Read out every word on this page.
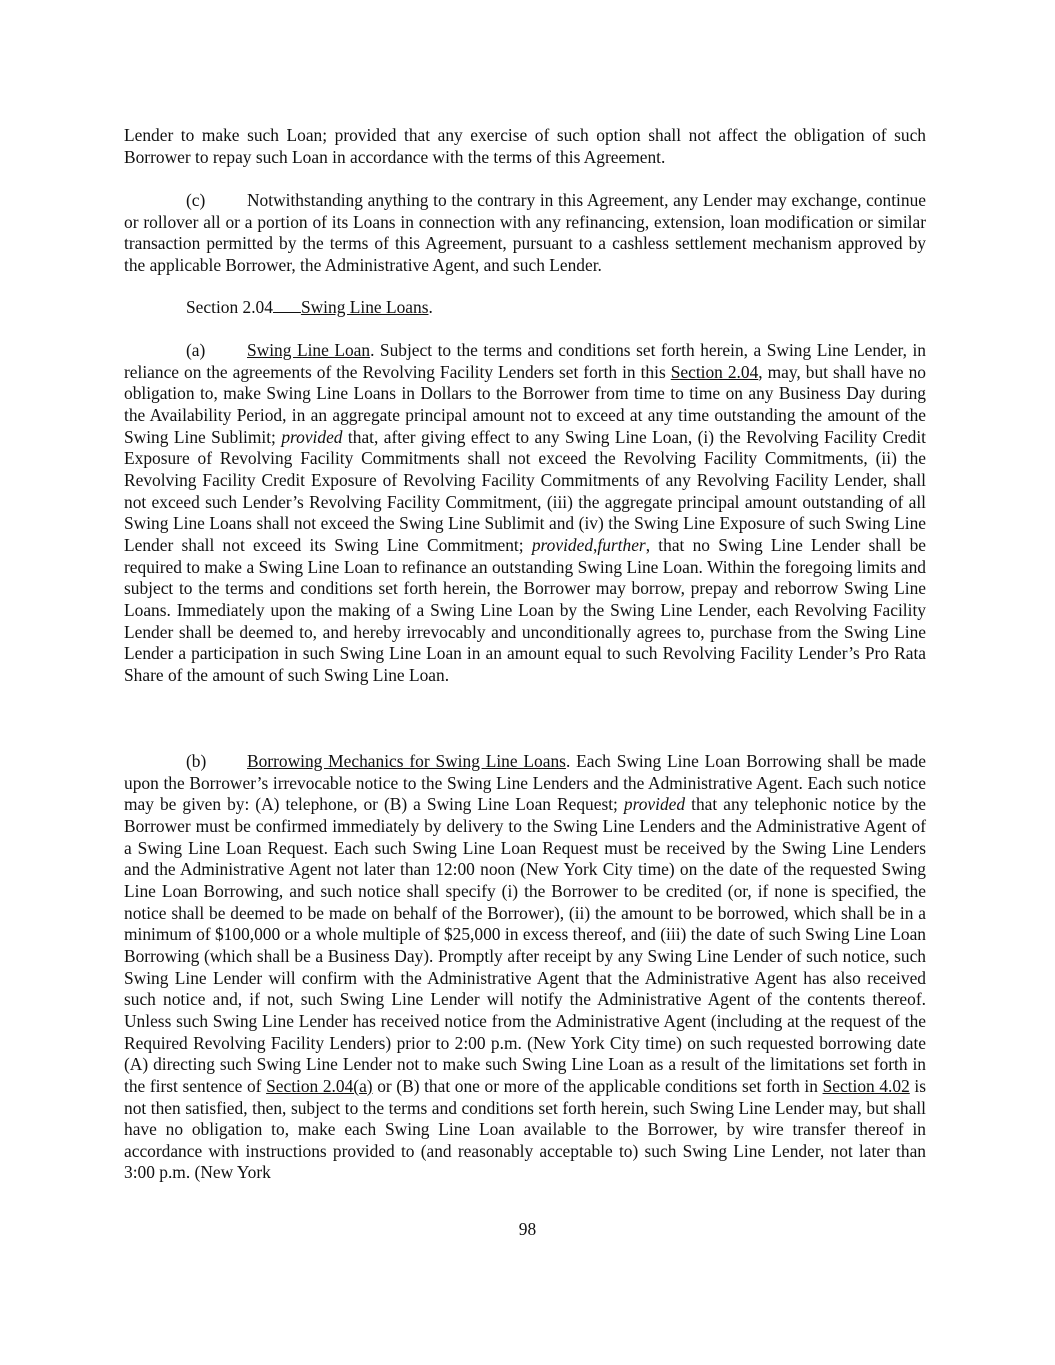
Lender to make such Loan; provided that any exercise of such option shall not affect the obligation of such Borrower to repay such Loan in accordance with the terms of this Agreement.

(c) Notwithstanding anything to the contrary in this Agreement, any Lender may exchange, continue or rollover all or a portion of its Loans in connection with any refinancing, extension, loan modification or similar transaction permitted by the terms of this Agreement, pursuant to a cashless settlement mechanism approved by the applicable Borrower, the Administrative Agent, and such Lender.

Section 2.04 Swing Line Loans.

(a) Swing Line Loan. Subject to the terms and conditions set forth herein, a Swing Line Lender, in reliance on the agreements of the Revolving Facility Lenders set forth in this Section 2.04, may, but shall have no obligation to, make Swing Line Loans in Dollars to the Borrower from time to time on any Business Day during the Availability Period, in an aggregate principal amount not to exceed at any time outstanding the amount of the Swing Line Sublimit; provided that, after giving effect to any Swing Line Loan, (i) the Revolving Facility Credit Exposure of Revolving Facility Commitments shall not exceed the Revolving Facility Commitments, (ii) the Revolving Facility Credit Exposure of Revolving Facility Commitments of any Revolving Facility Lender, shall not exceed such Lender’s Revolving Facility Commitment, (iii) the aggregate principal amount outstanding of all Swing Line Loans shall not exceed the Swing Line Sublimit and (iv) the Swing Line Exposure of such Swing Line Lender shall not exceed its Swing Line Commitment; provided,further, that no Swing Line Lender shall be required to make a Swing Line Loan to refinance an outstanding Swing Line Loan. Within the foregoing limits and subject to the terms and conditions set forth herein, the Borrower may borrow, prepay and reborrow Swing Line Loans. Immediately upon the making of a Swing Line Loan by the Swing Line Lender, each Revolving Facility Lender shall be deemed to, and hereby irrevocably and unconditionally agrees to, purchase from the Swing Line Lender a participation in such Swing Line Loan in an amount equal to such Revolving Facility Lender’s Pro Rata Share of the amount of such Swing Line Loan.

(b) Borrowing Mechanics for Swing Line Loans. Each Swing Line Loan Borrowing shall be made upon the Borrower’s irrevocable notice to the Swing Line Lenders and the Administrative Agent. Each such notice may be given by: (A) telephone, or (B) a Swing Line Loan Request; provided that any telephonic notice by the Borrower must be confirmed immediately by delivery to the Swing Line Lenders and the Administrative Agent of a Swing Line Loan Request. Each such Swing Line Loan Request must be received by the Swing Line Lenders and the Administrative Agent not later than 12:00 noon (New York City time) on the date of the requested Swing Line Loan Borrowing, and such notice shall specify (i) the Borrower to be credited (or, if none is specified, the notice shall be deemed to be made on behalf of the Borrower), (ii) the amount to be borrowed, which shall be in a minimum of $100,000 or a whole multiple of $25,000 in excess thereof, and (iii) the date of such Swing Line Loan Borrowing (which shall be a Business Day). Promptly after receipt by any Swing Line Lender of such notice, such Swing Line Lender will confirm with the Administrative Agent that the Administrative Agent has also received such notice and, if not, such Swing Line Lender will notify the Administrative Agent of the contents thereof. Unless such Swing Line Lender has received notice from the Administrative Agent (including at the request of the Required Revolving Facility Lenders) prior to 2:00 p.m. (New York City time) on such requested borrowing date (A) directing such Swing Line Lender not to make such Swing Line Loan as a result of the limitations set forth in the first sentence of Section 2.04(a) or (B) that one or more of the applicable conditions set forth in Section 4.02 is not then satisfied, then, subject to the terms and conditions set forth herein, such Swing Line Lender may, but shall have no obligation to, make each Swing Line Loan available to the Borrower, by wire transfer thereof in accordance with instructions provided to (and reasonably acceptable to) such Swing Line Lender, not later than 3:00 p.m. (New York

98
